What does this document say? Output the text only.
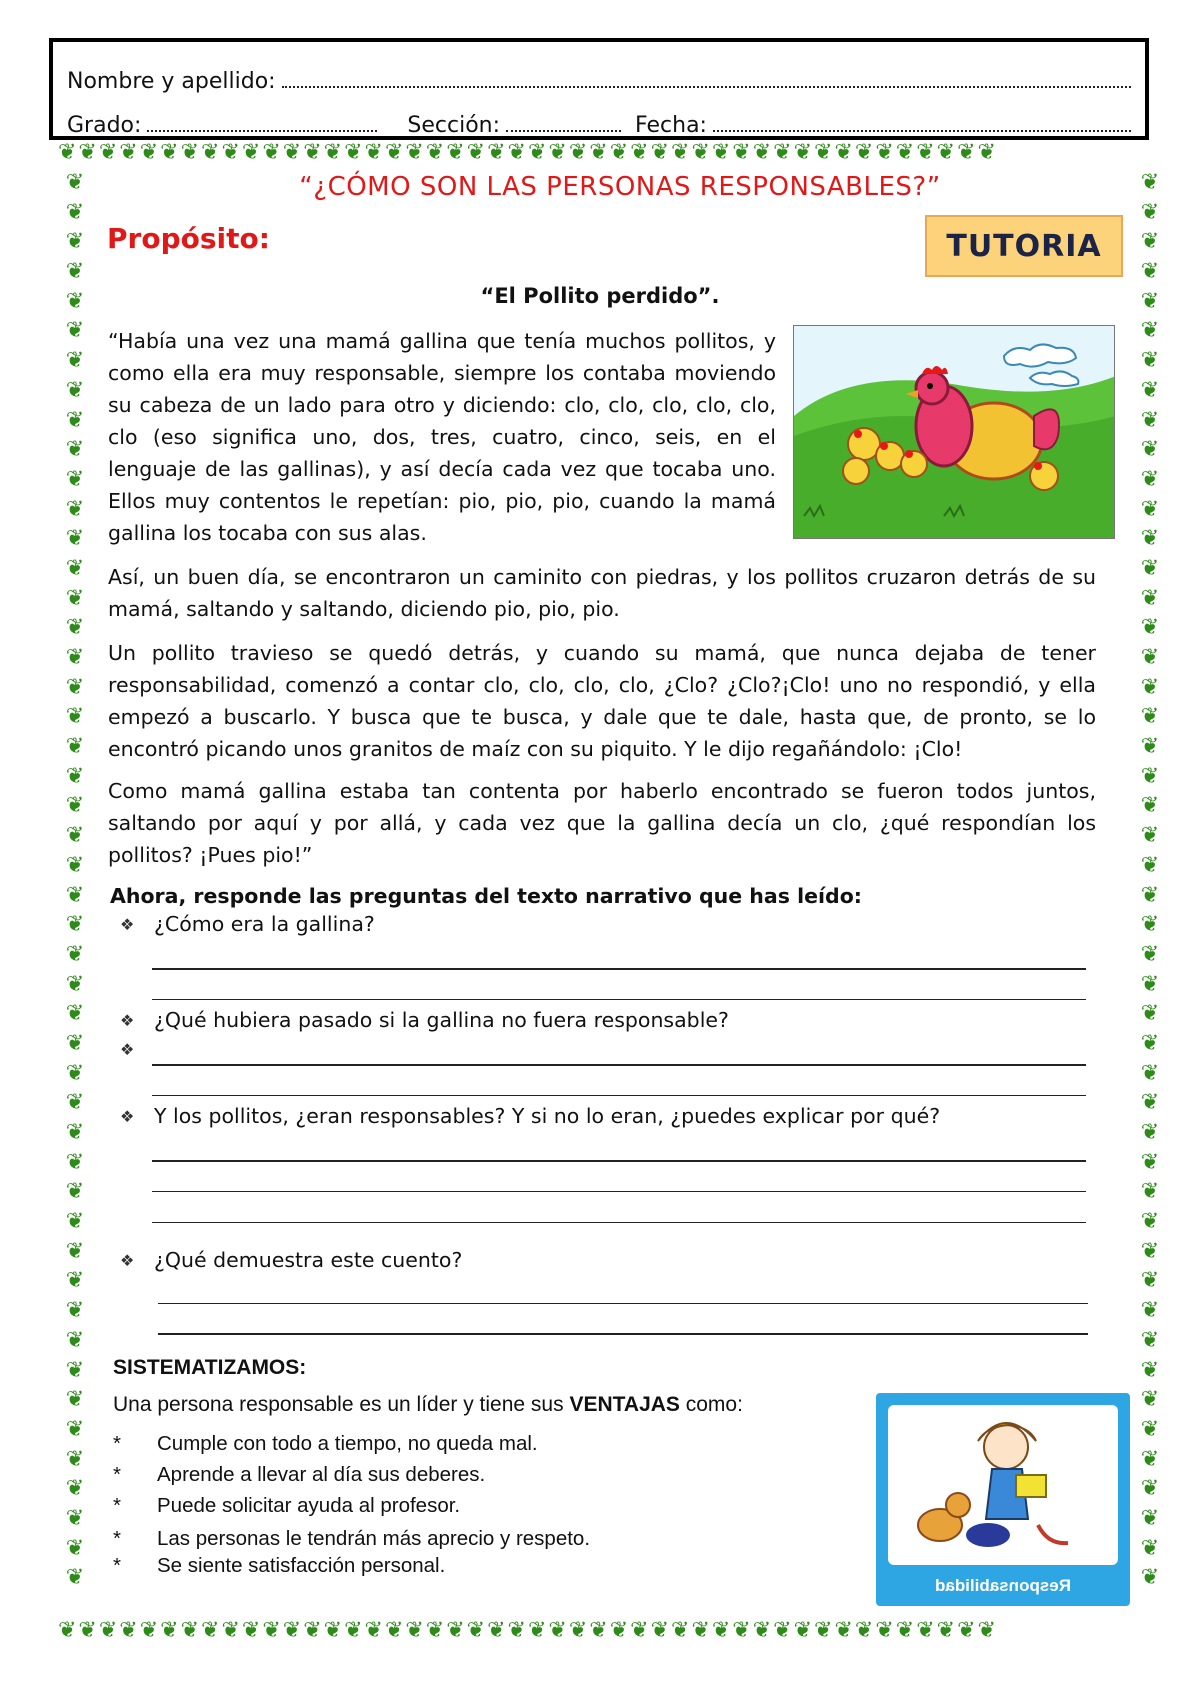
Nombre y apellido:
Grado:	Sección:	Fecha:
❦❦❦❦❦❦❦❦❦❦❦❦❦❦❦❦❦❦❦❦❦❦❦❦❦❦❦❦❦❦❦❦❦❦❦❦❦❦❦❦❦❦❦❦❦❦
❦❦❦❦❦❦❦❦❦❦❦❦❦❦❦❦❦❦❦❦❦❦❦❦❦❦❦❦❦❦❦❦❦❦❦❦❦❦❦❦❦❦❦❦❦❦
❦
❦
❦
❦
❦
❦
❦
❦
❦
❦
❦
❦
❦
❦
❦
❦
❦
❦
❦
❦
❦
❦
❦
❦
❦
❦
❦
❦
❦
❦
❦
❦
❦
❦
❦
❦
❦
❦
❦
❦
❦
❦
❦
❦
❦
❦
❦
❦
❦
❦
❦
❦
❦
❦
❦
❦
❦
❦
❦
❦
❦
❦
❦
❦
❦
❦
❦
❦
❦
❦
❦
❦
❦
❦
❦
❦
❦
❦
❦
❦
❦
❦
❦
❦
❦
❦
❦
❦
❦
❦
❦
❦
❦
❦
❦
❦
“¿CÓMO SON LAS PERSONAS RESPONSABLES?”
Propósito:	TUTORIA
“El Pollito perdido”.
“Había una vez una mamá gallina que tenía muchos pollitos, y como ella era muy responsable, siempre los contaba moviendo su cabeza de un lado para otro y diciendo: clo, clo, clo, clo, clo, clo (eso significa uno, dos, tres, cuatro, cinco, seis, en el lenguaje de las gallinas), y así decía cada vez que tocaba uno. Ellos muy contentos le repetían: pio, pio, pio, cuando la mamá gallina los tocaba con sus alas.
Así, un buen día, se encontraron un caminito con piedras, y los pollitos cruzaron detrás de su mamá, saltando y saltando, diciendo pio, pio, pio.
Un pollito travieso se quedó detrás, y cuando su mamá, que nunca dejaba de tener responsabilidad, comenzó a contar clo, clo, clo, clo, ¿Clo? ¿Clo?¡Clo! uno no respondió, y ella empezó a buscarlo. Y busca que te busca, y dale que te dale, hasta que, de pronto, se lo encontró picando unos granitos de maíz con su piquito. Y le dijo regañándolo: ¡Clo!
Como mamá gallina estaba tan contenta por haberlo encontrado se fueron todos juntos, saltando por aquí y por allá, y cada vez que la gallina decía un clo, ¿qué respondían los pollitos? ¡Pues pio!”
Ahora, responde las preguntas del texto narrativo que has leído:
❖ ¿Cómo era la gallina?
❖ ¿Qué hubiera pasado si la gallina no fuera responsable?
❖
❖ Y los pollitos, ¿eran responsables? Y si no lo eran, ¿puedes explicar por qué?
❖ ¿Qué demuestra este cuento?
SISTEMATIZAMOS:
Una persona responsable es un líder y tiene sus VENTAJAS como:
*	Cumple con todo a tiempo, no queda mal.
*	Aprende a llevar al día sus deberes.
*	Puede solicitar ayuda al profesor.
*	Las personas le tendrán más aprecio y respeto.
*	Se siente satisfacción personal.
Responsabilidad
